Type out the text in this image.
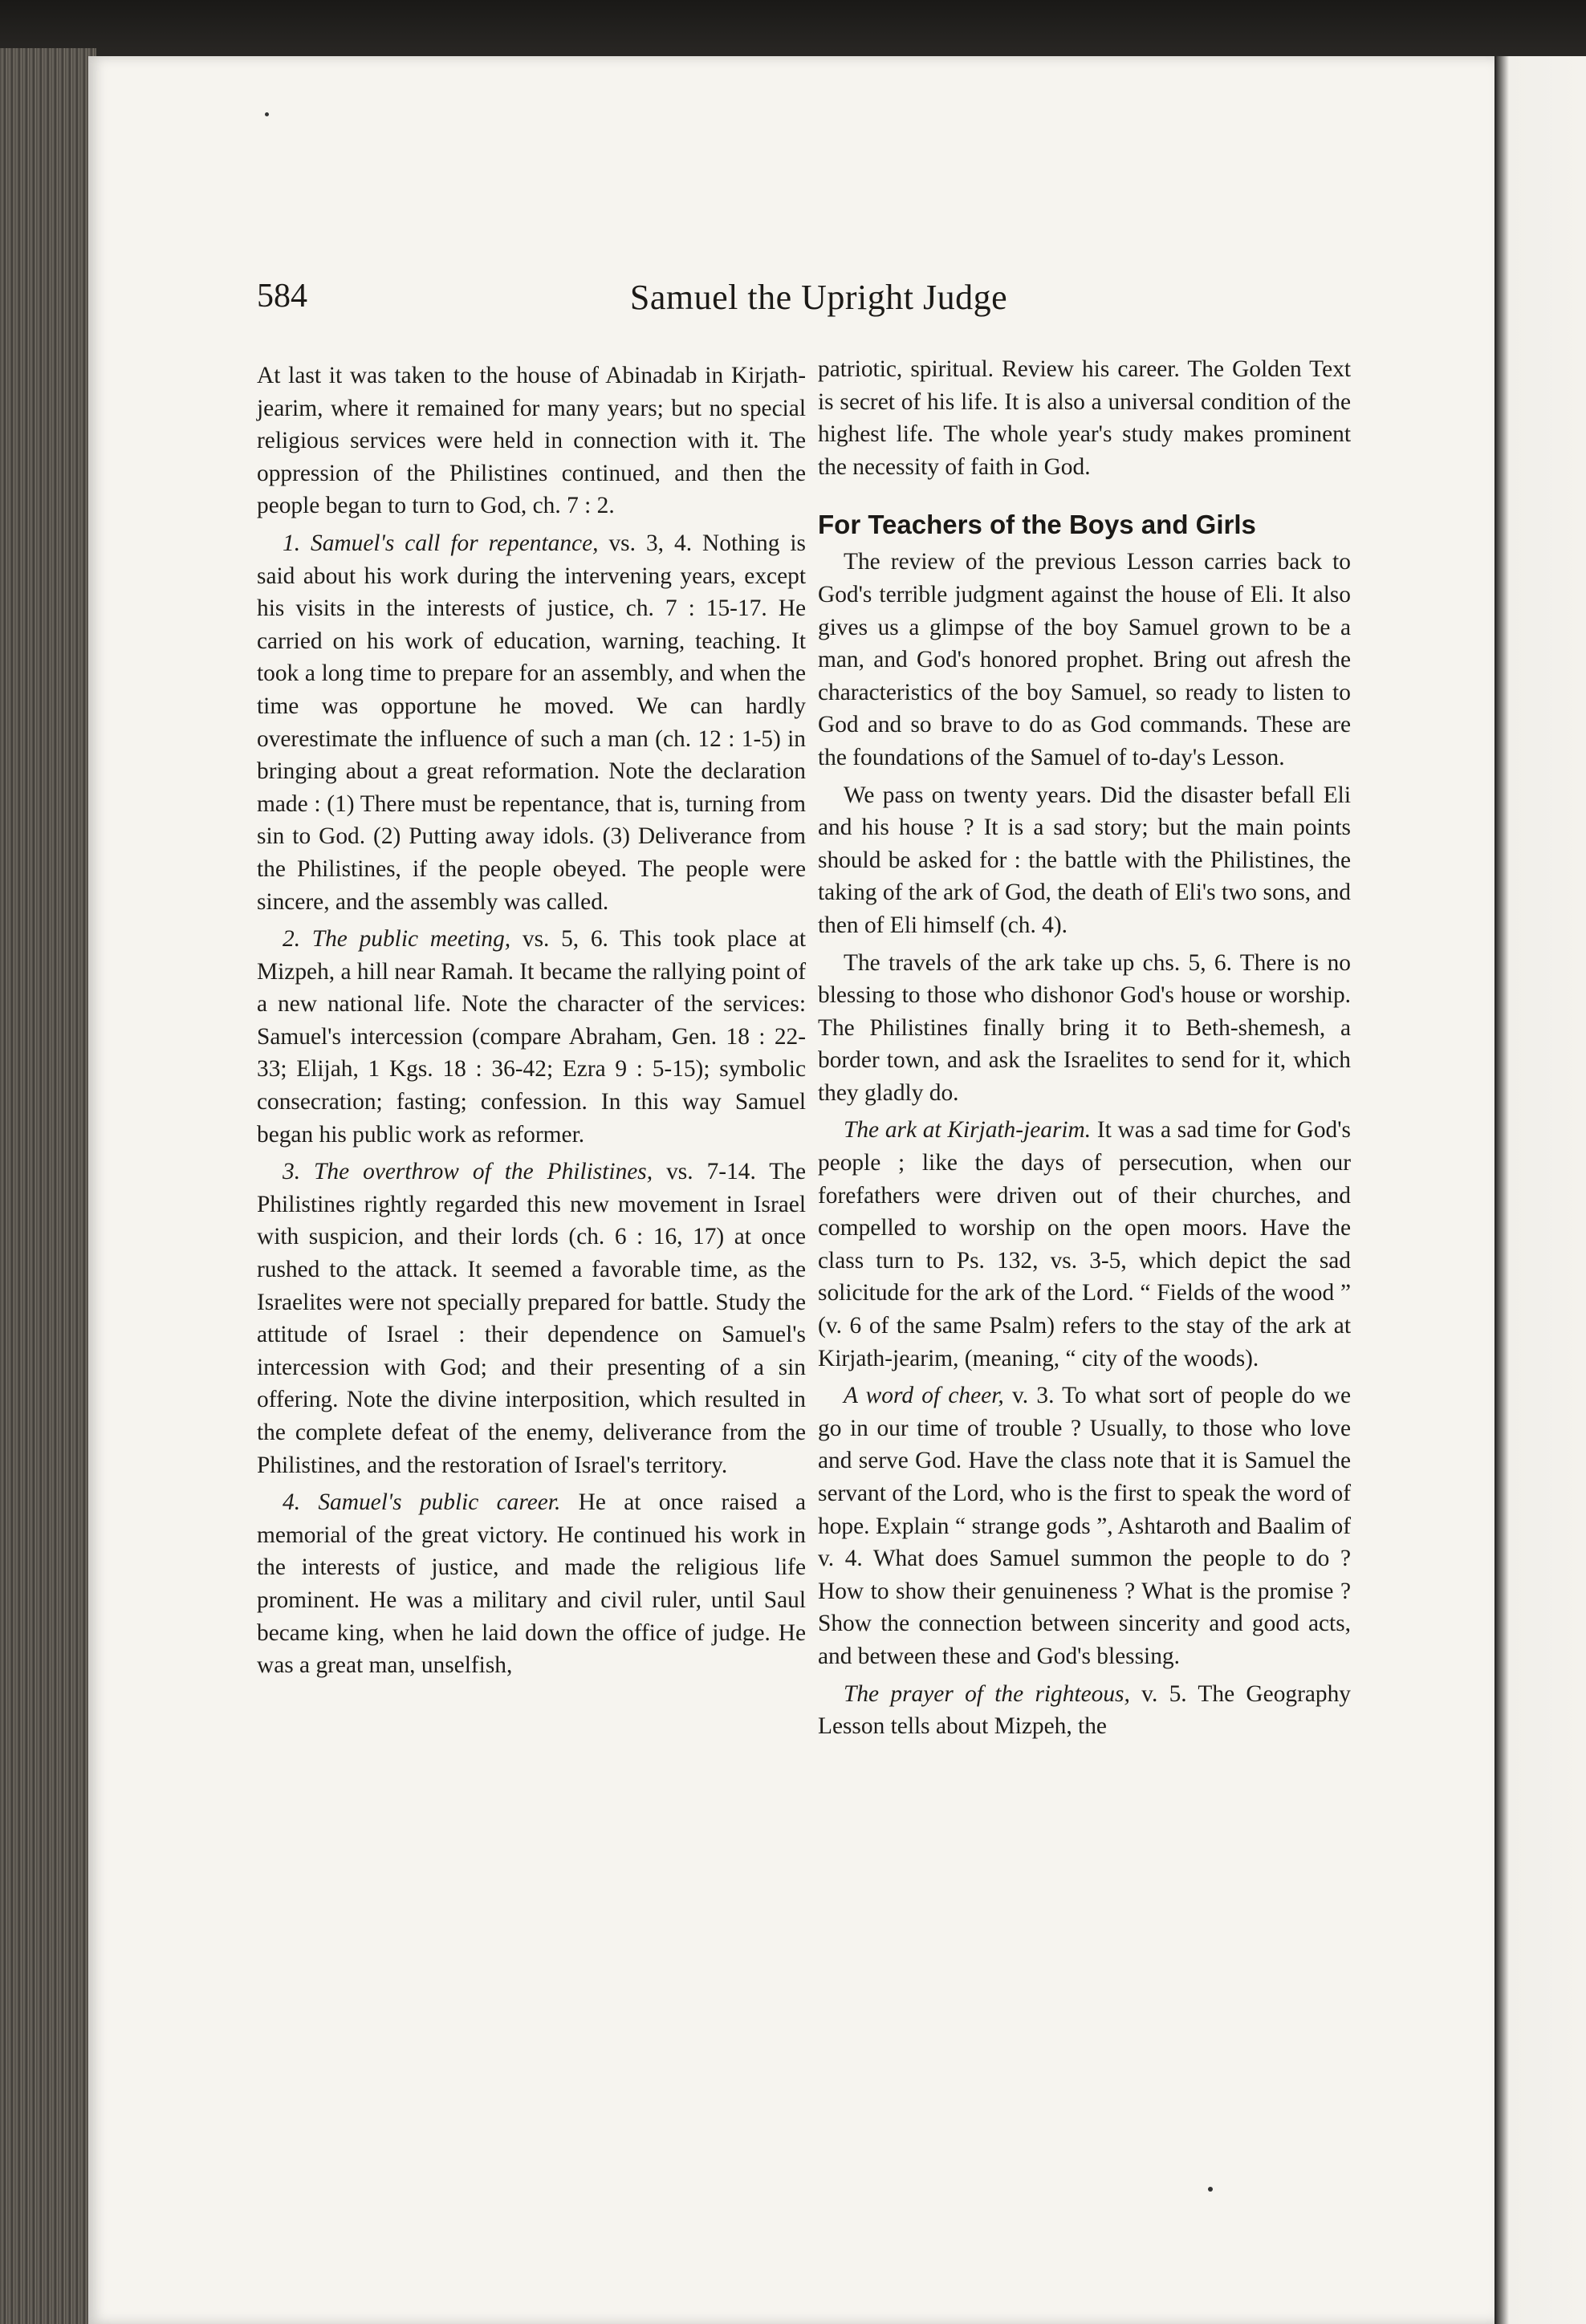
584	Samuel the Upright Judge

At last it was taken to the house of Abinadab in Kirjath-jearim, where it remained for many years; but no special religious services were held in connection with it. The oppression of the Philistines continued, and then the people began to turn to God, ch. 7 : 2.

1. Samuel's call for repentance, vs. 3, 4. Nothing is said about his work during the intervening years, except his visits in the interests of justice, ch. 7 : 15-17. He carried on his work of education, warning, teaching. It took a long time to prepare for an assembly, and when the time was opportune he moved. We can hardly overestimate the influence of such a man (ch. 12 : 1-5) in bringing about a great reformation. Note the declaration made : (1) There must be repentance, that is, turning from sin to God. (2) Putting away idols. (3) Deliverance from the Philistines, if the people obeyed. The people were sincere, and the assembly was called.

2. The public meeting, vs. 5, 6. This took place at Mizpeh, a hill near Ramah. It became the rallying point of a new national life. Note the character of the services: Samuel's intercession (compare Abraham, Gen. 18 : 22-33; Elijah, 1 Kgs. 18 : 36-42; Ezra 9 : 5-15); symbolic consecration; fasting; confession. In this way Samuel began his public work as reformer.

3. The overthrow of the Philistines, vs. 7-14. The Philistines rightly regarded this new movement in Israel with suspicion, and their lords (ch. 6 : 16, 17) at once rushed to the attack. It seemed a favorable time, as the Israelites were not specially prepared for battle. Study the attitude of Israel : their dependence on Samuel's intercession with God; and their presenting of a sin offering. Note the divine interposition, which resulted in the complete defeat of the enemy, deliverance from the Philistines, and the restoration of Israel's territory.

4. Samuel's public career. He at once raised a memorial of the great victory. He continued his work in the interests of justice, and made the religious life prominent. He was a military and civil ruler, until Saul became king, when he laid down the office of judge. He was a great man, unselfish,

patriotic, spiritual. Review his career. The Golden Text is secret of his life. It is also a universal condition of the highest life. The whole year's study makes prominent the necessity of faith in God.

For Teachers of the Boys and Girls

The review of the previous Lesson carries back to God's terrible judgment against the house of Eli. It also gives us a glimpse of the boy Samuel grown to be a man, and God's honored prophet. Bring out afresh the characteristics of the boy Samuel, so ready to listen to God and so brave to do as God commands. These are the foundations of the Samuel of to-day's Lesson.

We pass on twenty years. Did the disaster befall Eli and his house ? It is a sad story; but the main points should be asked for : the battle with the Philistines, the taking of the ark of God, the death of Eli's two sons, and then of Eli himself (ch. 4).

The travels of the ark take up chs. 5, 6. There is no blessing to those who dishonor God's house or worship. The Philistines finally bring it to Beth-shemesh, a border town, and ask the Israelites to send for it, which they gladly do.

The ark at Kirjath-jearim. It was a sad time for God's people ; like the days of persecution, when our forefathers were driven out of their churches, and compelled to worship on the open moors. Have the class turn to Ps. 132, vs. 3-5, which depict the sad solicitude for the ark of the Lord. “ Fields of the wood ” (v. 6 of the same Psalm) refers to the stay of the ark at Kirjath-jearim, (meaning, “ city of the woods).

A word of cheer, v. 3. To what sort of people do we go in our time of trouble ? Usually, to those who love and serve God. Have the class note that it is Samuel the servant of the Lord, who is the first to speak the word of hope. Explain “ strange gods ”, Ashtaroth and Baalim of v. 4. What does Samuel summon the people to do ? How to show their genuineness ? What is the promise ? Show the connection between sincerity and good acts, and between these and God's blessing.

The prayer of the righteous, v. 5. The Geography Lesson tells about Mizpeh, the
